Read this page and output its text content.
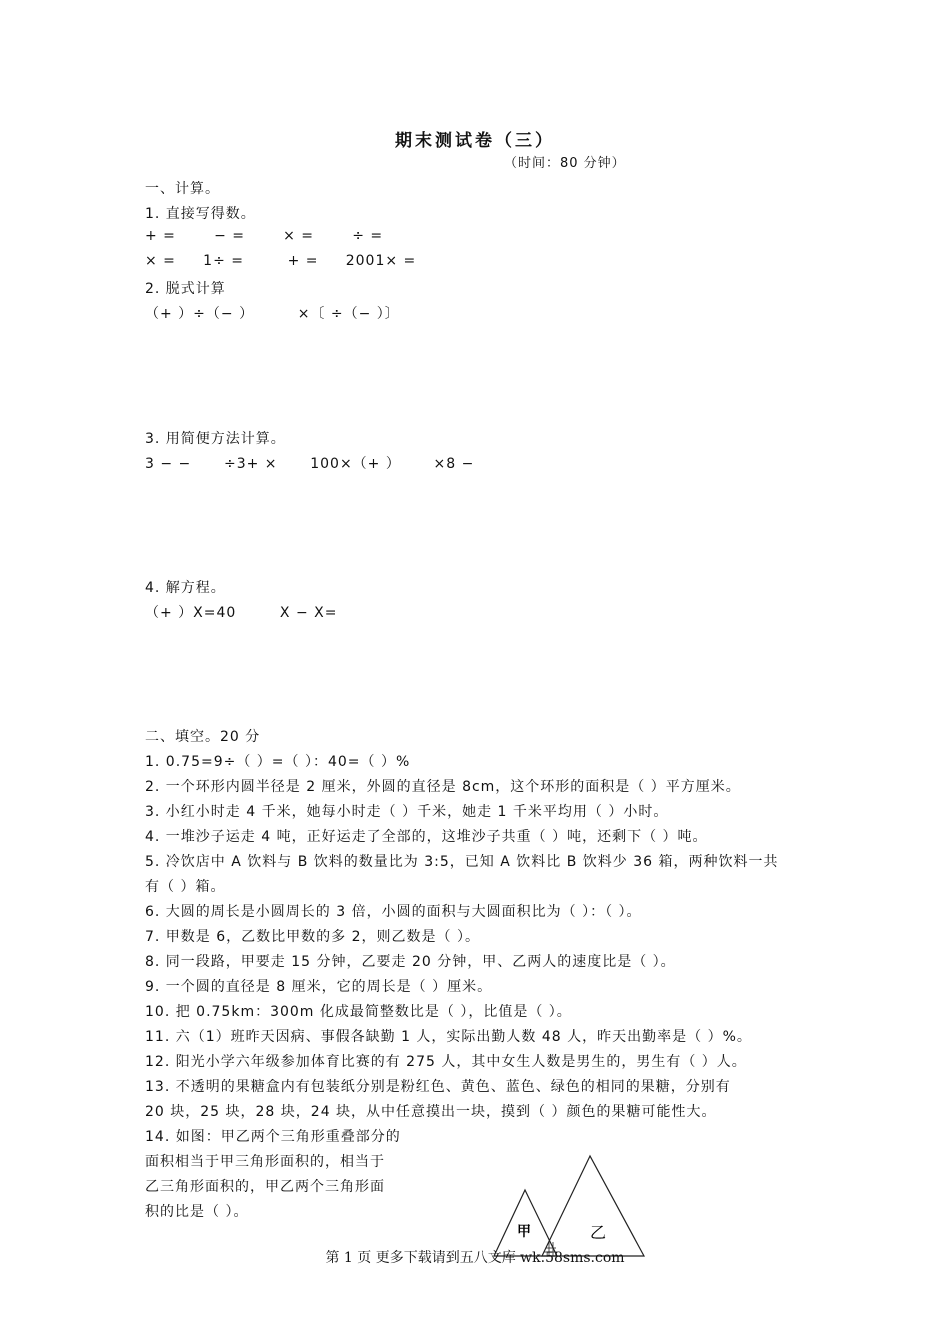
期末测试卷（三）
（时间：80 分钟）
一、计算。
1. 直接写得数。
+ =       − =       × =       ÷ =
× =     1÷ =        + =     2001× =
2. 脱式计算
（+ ）÷（− ）        ×〔 ÷（− ）〕
3. 用简便方法计算。
3 − −      ÷3+ ×      100×（+ ）      ×8 −
4. 解方程。
（+ ）X=40        X − X=
二、填空。20 分
1. 0.75=9÷（ ）=（ ）：40=（ ）%
2. 一个环形内圆半径是 2 厘米，外圆的直径是 8cm，这个环形的面积是（ ）平方厘米。
3. 小红小时走 4 千米，她每小时走（ ）千米，她走 1 千米平均用（ ）小时。
4. 一堆沙子运走 4 吨，正好运走了全部的，这堆沙子共重（ ）吨，还剩下（ ）吨。
5. 冷饮店中 A 饮料与 B 饮料的数量比为 3:5，已知 A 饮料比 B 饮料少 36 箱，两种饮料一共
有（ ）箱。
6. 大圆的周长是小圆周长的 3 倍，小圆的面积与大圆面积比为（ ）：（ ）。
7. 甲数是 6，乙数比甲数的多 2，则乙数是（ ）。
8. 同一段路，甲要走 15 分钟，乙要走 20 分钟，甲、乙两人的速度比是（ ）。
9. 一个圆的直径是 8 厘米，它的周长是（ ）厘米。
10. 把 0.75km：300m 化成最简整数比是（ ），比值是（ ）。
11. 六（1）班昨天因病、事假各缺勤 1 人，实际出勤人数 48 人，昨天出勤率是（ ）%。
12. 阳光小学六年级参加体育比赛的有 275 人，其中女生人数是男生的，男生有（ ）人。
13. 不透明的果糖盒内有包装纸分别是粉红色、黄色、蓝色、绿色的相同的果糖，分别有
20 块，25 块，28 块，24 块，从中任意摸出一块，摸到（ ）颜色的果糖可能性大。
14. 如图：甲乙两个三角形重叠部分的
面积相当于甲三角形面积的，相当于
乙三角形面积的，甲乙两个三角形面
积的比是（ ）。
甲	乙
第 1 页 更多下载请到五八文库 wk.58sms.com
